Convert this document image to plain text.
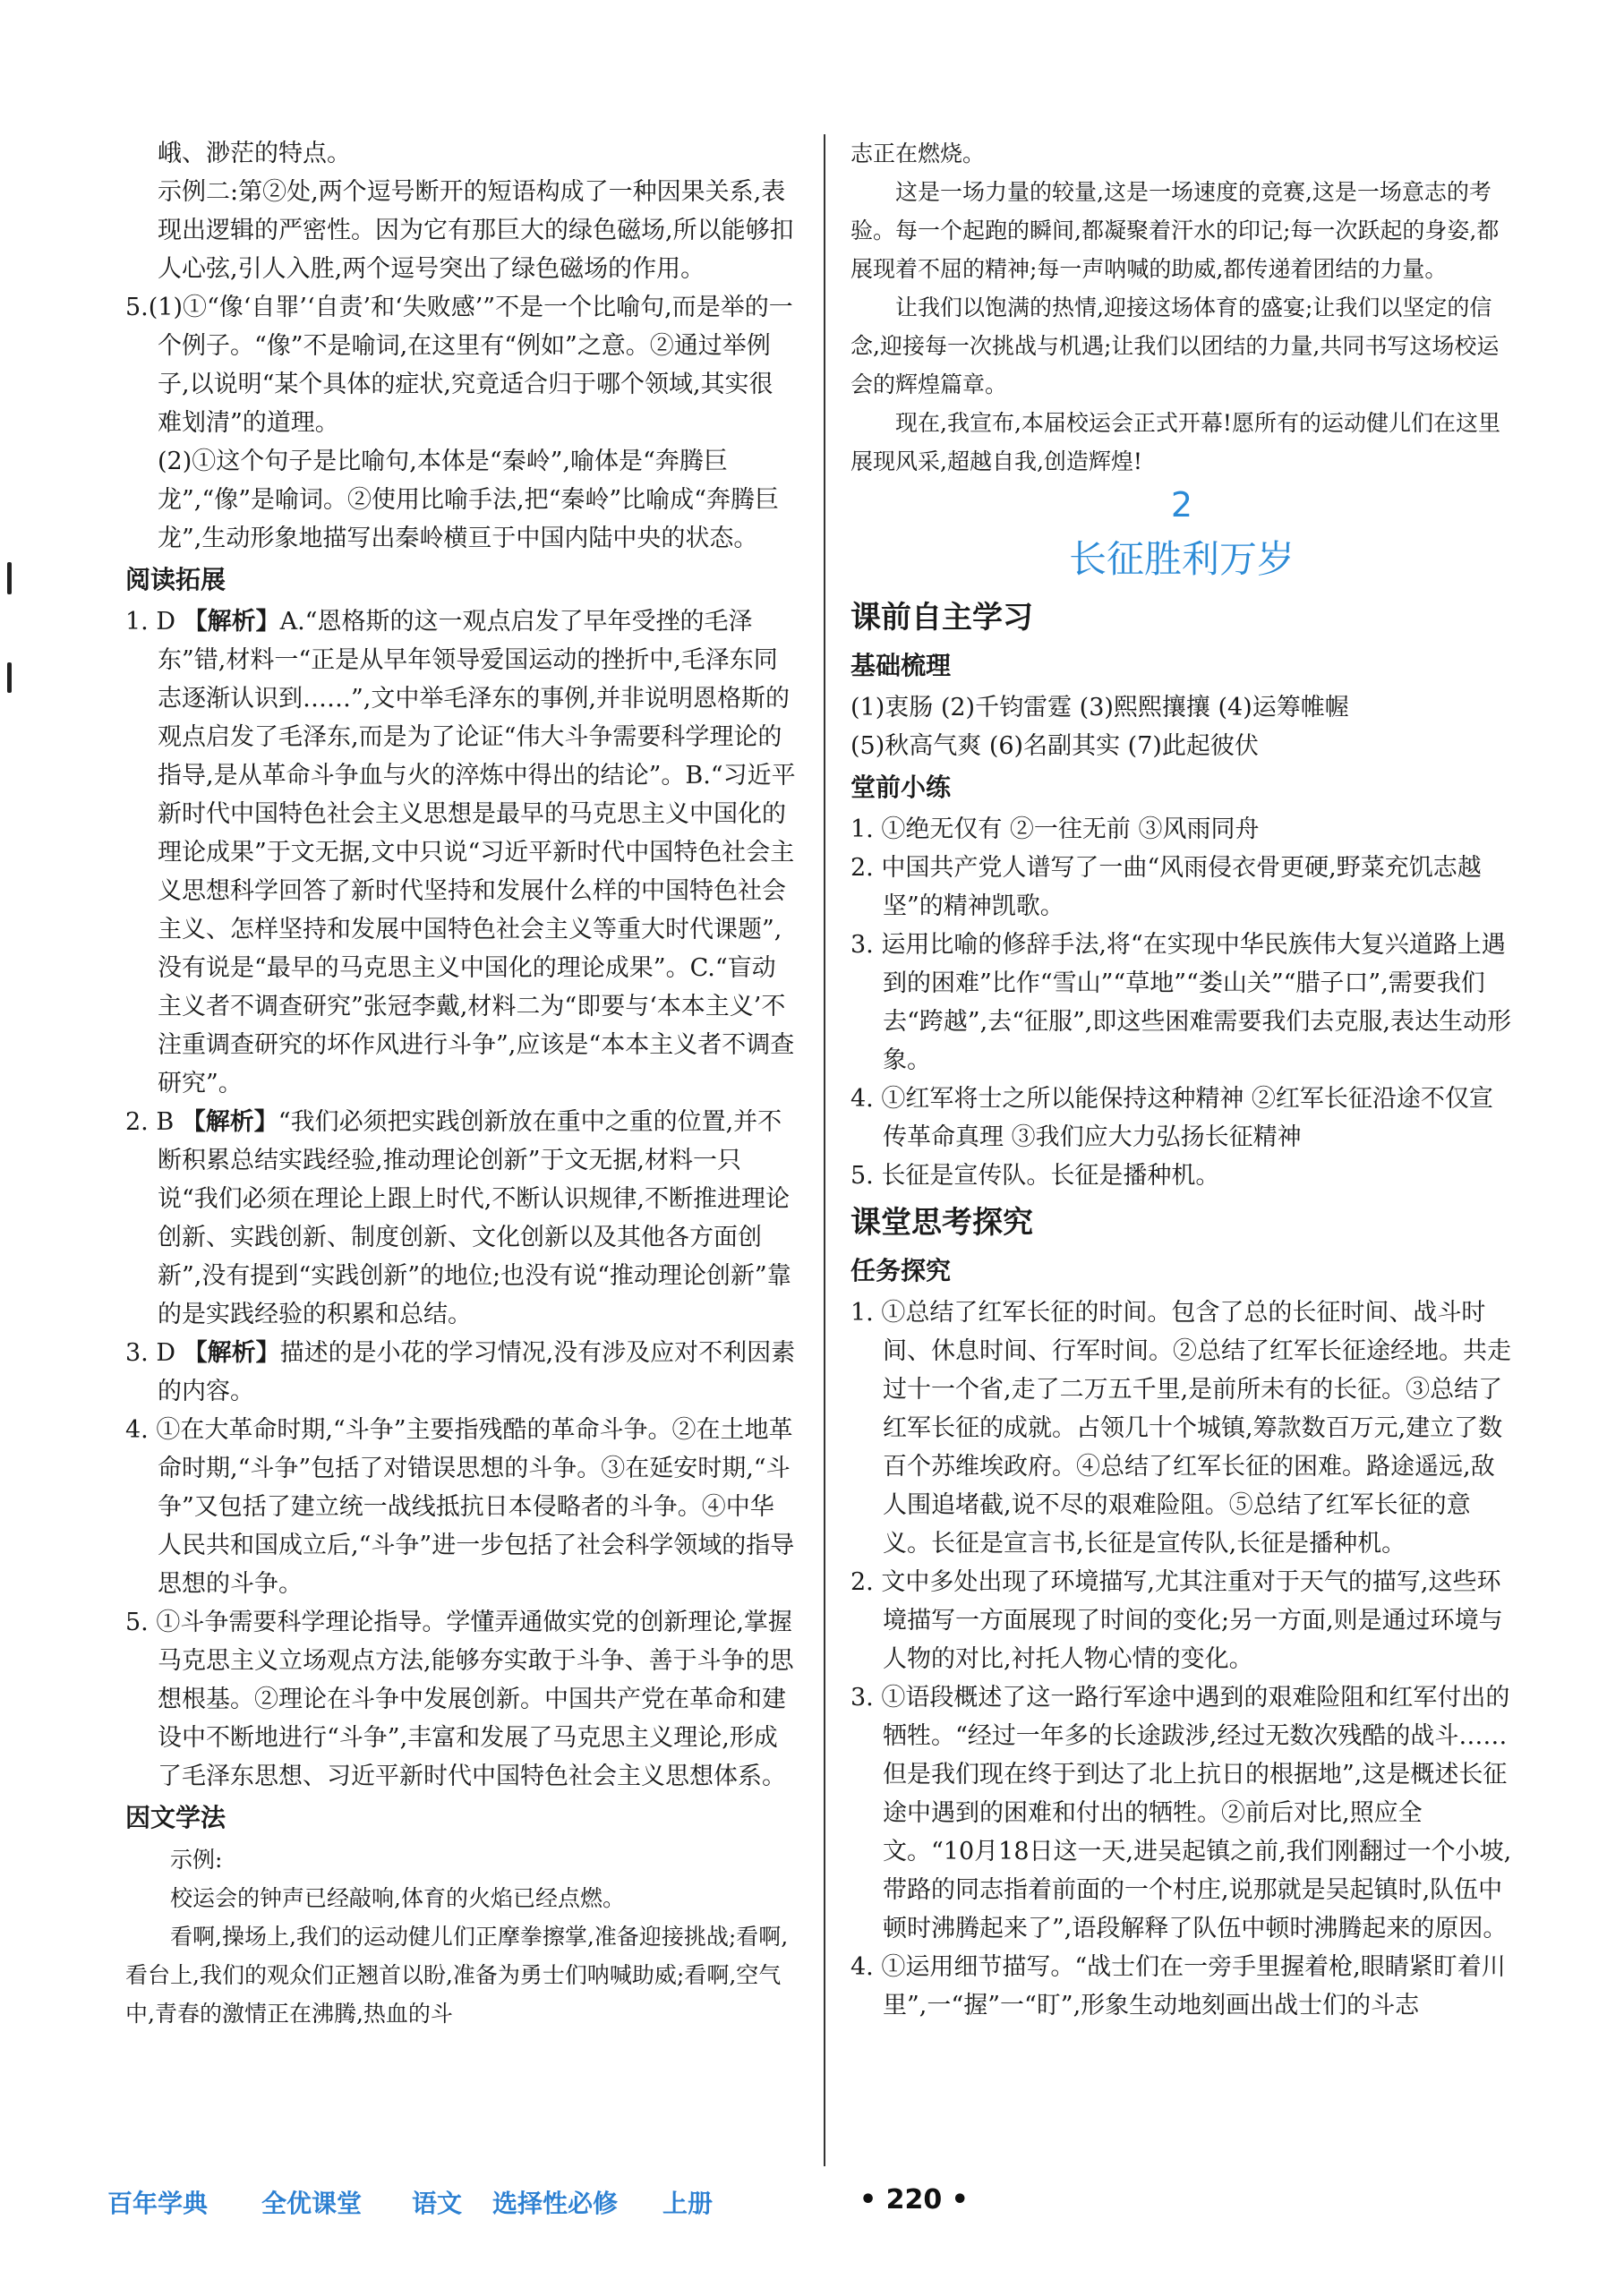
峨、渺茫的特点。

示例二:第②处,两个逗号断开的短语构成了一种因果关系,表现出逻辑的严密性。因为它有那巨大的绿色磁场,所以能够扣人心弦,引人入胜,两个逗号突出了绿色磁场的作用。

5.(1)①“像‘自罪’‘自责’和‘失败感’”不是一个比喻句,而是举的一个例子。“像”不是喻词,在这里有“例如”之意。②通过举例子,以说明“某个具体的症状,究竟适合归于哪个领域,其实很难划清”的道理。

(2)①这个句子是比喻句,本体是“秦岭”,喻体是“奔腾巨龙”,“像”是喻词。②使用比喻手法,把“秦岭”比喻成“奔腾巨龙”,生动形象地描写出秦岭横亘于中国内陆中央的状态。

阅读拓展

1. D 【解析】A.“恩格斯的这一观点启发了早年受挫的毛泽东”错,材料一“正是从早年领导爱国运动的挫折中,毛泽东同志逐渐认识到……”,文中举毛泽东的事例,并非说明恩格斯的观点启发了毛泽东,而是为了论证“伟大斗争需要科学理论的指导,是从革命斗争血与火的淬炼中得出的结论”。B.“习近平新时代中国特色社会主义思想是最早的马克思主义中国化的理论成果”于文无据,文中只说“习近平新时代中国特色社会主义思想科学回答了新时代坚持和发展什么样的中国特色社会主义、怎样坚持和发展中国特色社会主义等重大时代课题”,没有说是“最早的马克思主义中国化的理论成果”。C.“盲动主义者不调查研究”张冠李戴,材料二为“即要与‘本本主义’不注重调查研究的坏作风进行斗争”,应该是“本本主义者不调查研究”。

2. B 【解析】“我们必须把实践创新放在重中之重的位置,并不断积累总结实践经验,推动理论创新”于文无据,材料一只说“我们必须在理论上跟上时代,不断认识规律,不断推进理论创新、实践创新、制度创新、文化创新以及其他各方面创新”,没有提到“实践创新”的地位;也没有说“推动理论创新”靠的是实践经验的积累和总结。

3. D 【解析】描述的是小花的学习情况,没有涉及应对不利因素的内容。

4. ①在大革命时期,“斗争”主要指残酷的革命斗争。②在土地革命时期,“斗争”包括了对错误思想的斗争。③在延安时期,“斗争”又包括了建立统一战线抵抗日本侵略者的斗争。④中华人民共和国成立后,“斗争”进一步包括了社会科学领域的指导思想的斗争。

5. ①斗争需要科学理论指导。学懂弄通做实党的创新理论,掌握马克思主义立场观点方法,能够夯实敢于斗争、善于斗争的思想根基。②理论在斗争中发展创新。中国共产党在革命和建设中不断地进行“斗争”,丰富和发展了马克思主义理论,形成了毛泽东思想、习近平新时代中国特色社会主义思想体系。

因文学法

示例:

校运会的钟声已经敲响,体育的火焰已经点燃。

看啊,操场上,我们的运动健儿们正摩拳擦掌,准备迎接挑战;看啊,看台上,我们的观众们正翘首以盼,准备为勇士们呐喊助威;看啊,空气中,青春的激情正在沸腾,热血的斗

志正在燃烧。

这是一场力量的较量,这是一场速度的竞赛,这是一场意志的考验。每一个起跑的瞬间,都凝聚着汗水的印记;每一次跃起的身姿,都展现着不屈的精神;每一声呐喊的助威,都传递着团结的力量。

让我们以饱满的热情,迎接这场体育的盛宴;让我们以坚定的信念,迎接每一次挑战与机遇;让我们以团结的力量,共同书写这场校运会的辉煌篇章。

现在,我宣布,本届校运会正式开幕!愿所有的运动健儿们在这里展现风采,超越自我,创造辉煌!

2
长征胜利万岁
课前自主学习
基础梳理

(1)衷肠 (2)千钧雷霆 (3)熙熙攘攘 (4)运筹帷幄

(5)秋高气爽 (6)名副其实 (7)此起彼伏

堂前小练

1. ①绝无仅有 ②一往无前 ③风雨同舟

2. 中国共产党人谱写了一曲“风雨侵衣骨更硬,野菜充饥志越坚”的精神凯歌。

3. 运用比喻的修辞手法,将“在实现中华民族伟大复兴道路上遇到的困难”比作“雪山”“草地”“娄山关”“腊子口”,需要我们去“跨越”,去“征服”,即这些困难需要我们去克服,表达生动形象。

4. ①红军将士之所以能保持这种精神 ②红军长征沿途不仅宣传革命真理 ③我们应大力弘扬长征精神

5. 长征是宣传队。长征是播种机。

课堂思考探究
任务探究

1. ①总结了红军长征的时间。包含了总的长征时间、战斗时间、休息时间、行军时间。②总结了红军长征途经地。共走过十一个省,走了二万五千里,是前所未有的长征。③总结了红军长征的成就。占领几十个城镇,筹款数百万元,建立了数百个苏维埃政府。④总结了红军长征的困难。路途遥远,敌人围追堵截,说不尽的艰难险阻。⑤总结了红军长征的意义。长征是宣言书,长征是宣传队,长征是播种机。

2. 文中多处出现了环境描写,尤其注重对于天气的描写,这些环境描写一方面展现了时间的变化;另一方面,则是通过环境与人物的对比,衬托人物心情的变化。

3. ①语段概述了这一路行军途中遇到的艰难险阻和红军付出的牺牲。“经过一年多的长途跋涉,经过无数次残酷的战斗……但是我们现在终于到达了北上抗日的根据地”,这是概述长征途中遇到的困难和付出的牺牲。②前后对比,照应全文。“10月18日这一天,进吴起镇之前,我们刚翻过一个小坡,带路的同志指着前面的一个村庄,说那就是吴起镇时,队伍中顿时沸腾起来了”,语段解释了队伍中顿时沸腾起来的原因。

4. ①运用细节描写。“战士们在一旁手里握着枪,眼睛紧盯着川里”,一“握”一“盯”,形象生动地刻画出战士们的斗志

百年学典 全优课堂 语文 选择性必修 上册	• 220 •
